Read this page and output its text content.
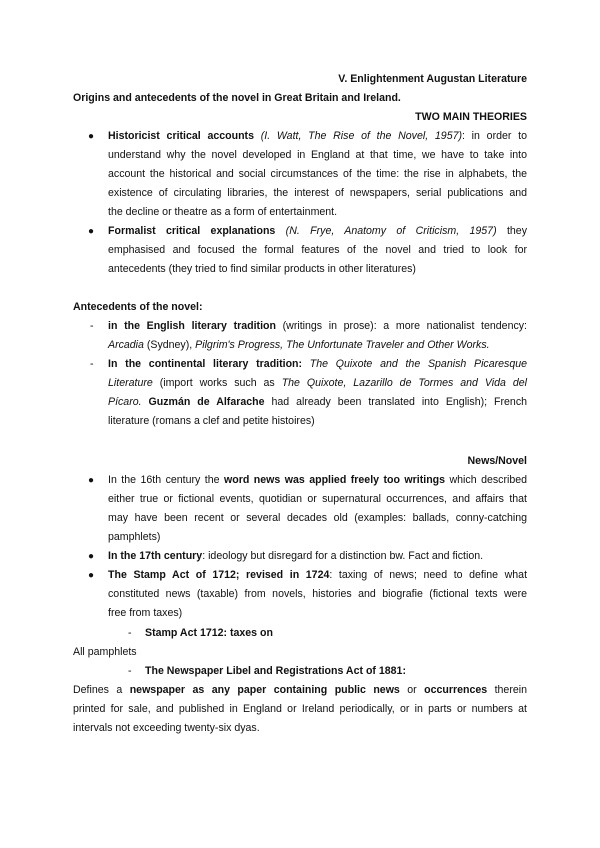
V. Enlightenment Augustan Literature
Origins and antecedents of the novel in Great Britain and Ireland.
TWO MAIN THEORIES
●	Historicist critical accounts (I. Watt, The Rise of the Novel, 1957): in order to
understand why the novel developed in England at that time, we have to take into
account the historical and social circumstances of the time: the rise in alphabets, the
existence of circulating libraries, the interest of newspapers, serial publications and
the decline or theatre as a form of entertainment.
●	Formalist critical explanations (N. Frye, Anatomy of Criticism, 1957) they
emphasised and focused the formal features of the novel and tried to look for
antecedents (they tried to find similar products in other literatures)
Antecedents of the novel:
- in the English literary tradition (writings in prose): a more nationalist tendency:
Arcadia (Sydney), Pilgrim's Progress, The Unfortunate Traveler and Other Works.
- In the continental literary tradition: The Quixote and the Spanish Picaresque
Literature (import works such as The Quixote, Lazarillo de Tormes and Vida del
Pícaro. Guzmán de Alfarache had already been translated into English); French
literature (romans a clef and petite histoires)
News/Novel
●	In the 16th century the word news was applied freely too writings which described
either true or fictional events, quotidian or supernatural occurrences, and affairs that
may have been recent or several decades old (examples: ballads, conny-catching
pamphlets)
●	In the 17th century: ideology but disregard for a distinction bw. Fact and fiction.
●	The Stamp Act of 1712; revised in 1724: taxing of news; need to define what
constituted news (taxable) from novels, histories and biografie (fictional texts were
free from taxes)
- Stamp Act 1712: taxes on
All pamphlets
- The Newspaper Libel and Registrations Act of 1881:
Defines a newspaper as any paper containing public news or occurrences therein
printed for sale, and published in England or Ireland periodically, or in parts or numbers at
intervals not exceeding twenty-six dyas.
